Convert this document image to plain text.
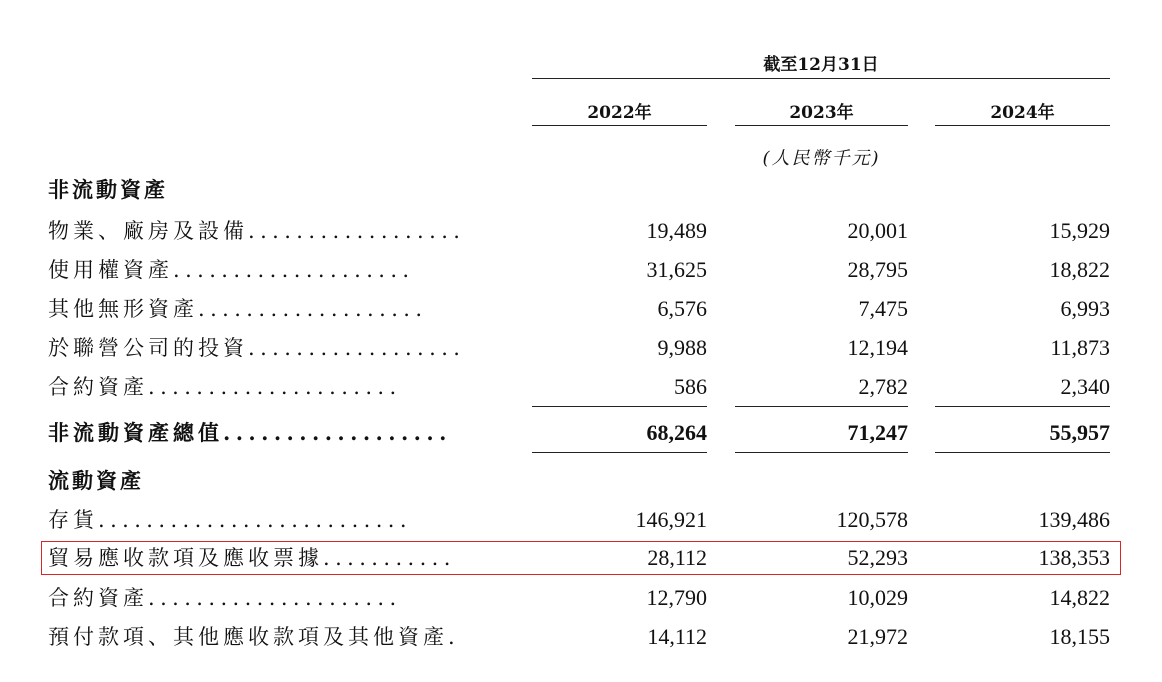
截至12月31日
2022年	2023年	2024年
(人民幣千元)
非流動資產
物業、廠房及設備..................	19,489	20,001	15,929
使用權資產....................	31,625	28,795	18,822
其他無形資產...................	6,576	7,475	6,993
於聯營公司的投資..................	9,988	12,194	11,873
合約資產.....................	586	2,782	2,340
非流動資產總值..................	68,264	71,247	55,957
流動資產
存貨..........................	146,921	120,578	139,486
貿易應收款項及應收票據...........	28,112	52,293	138,353
合約資產.....................	12,790	10,029	14,822
預付款項、其他應收款項及其他資產.	14,112	21,972	18,155
